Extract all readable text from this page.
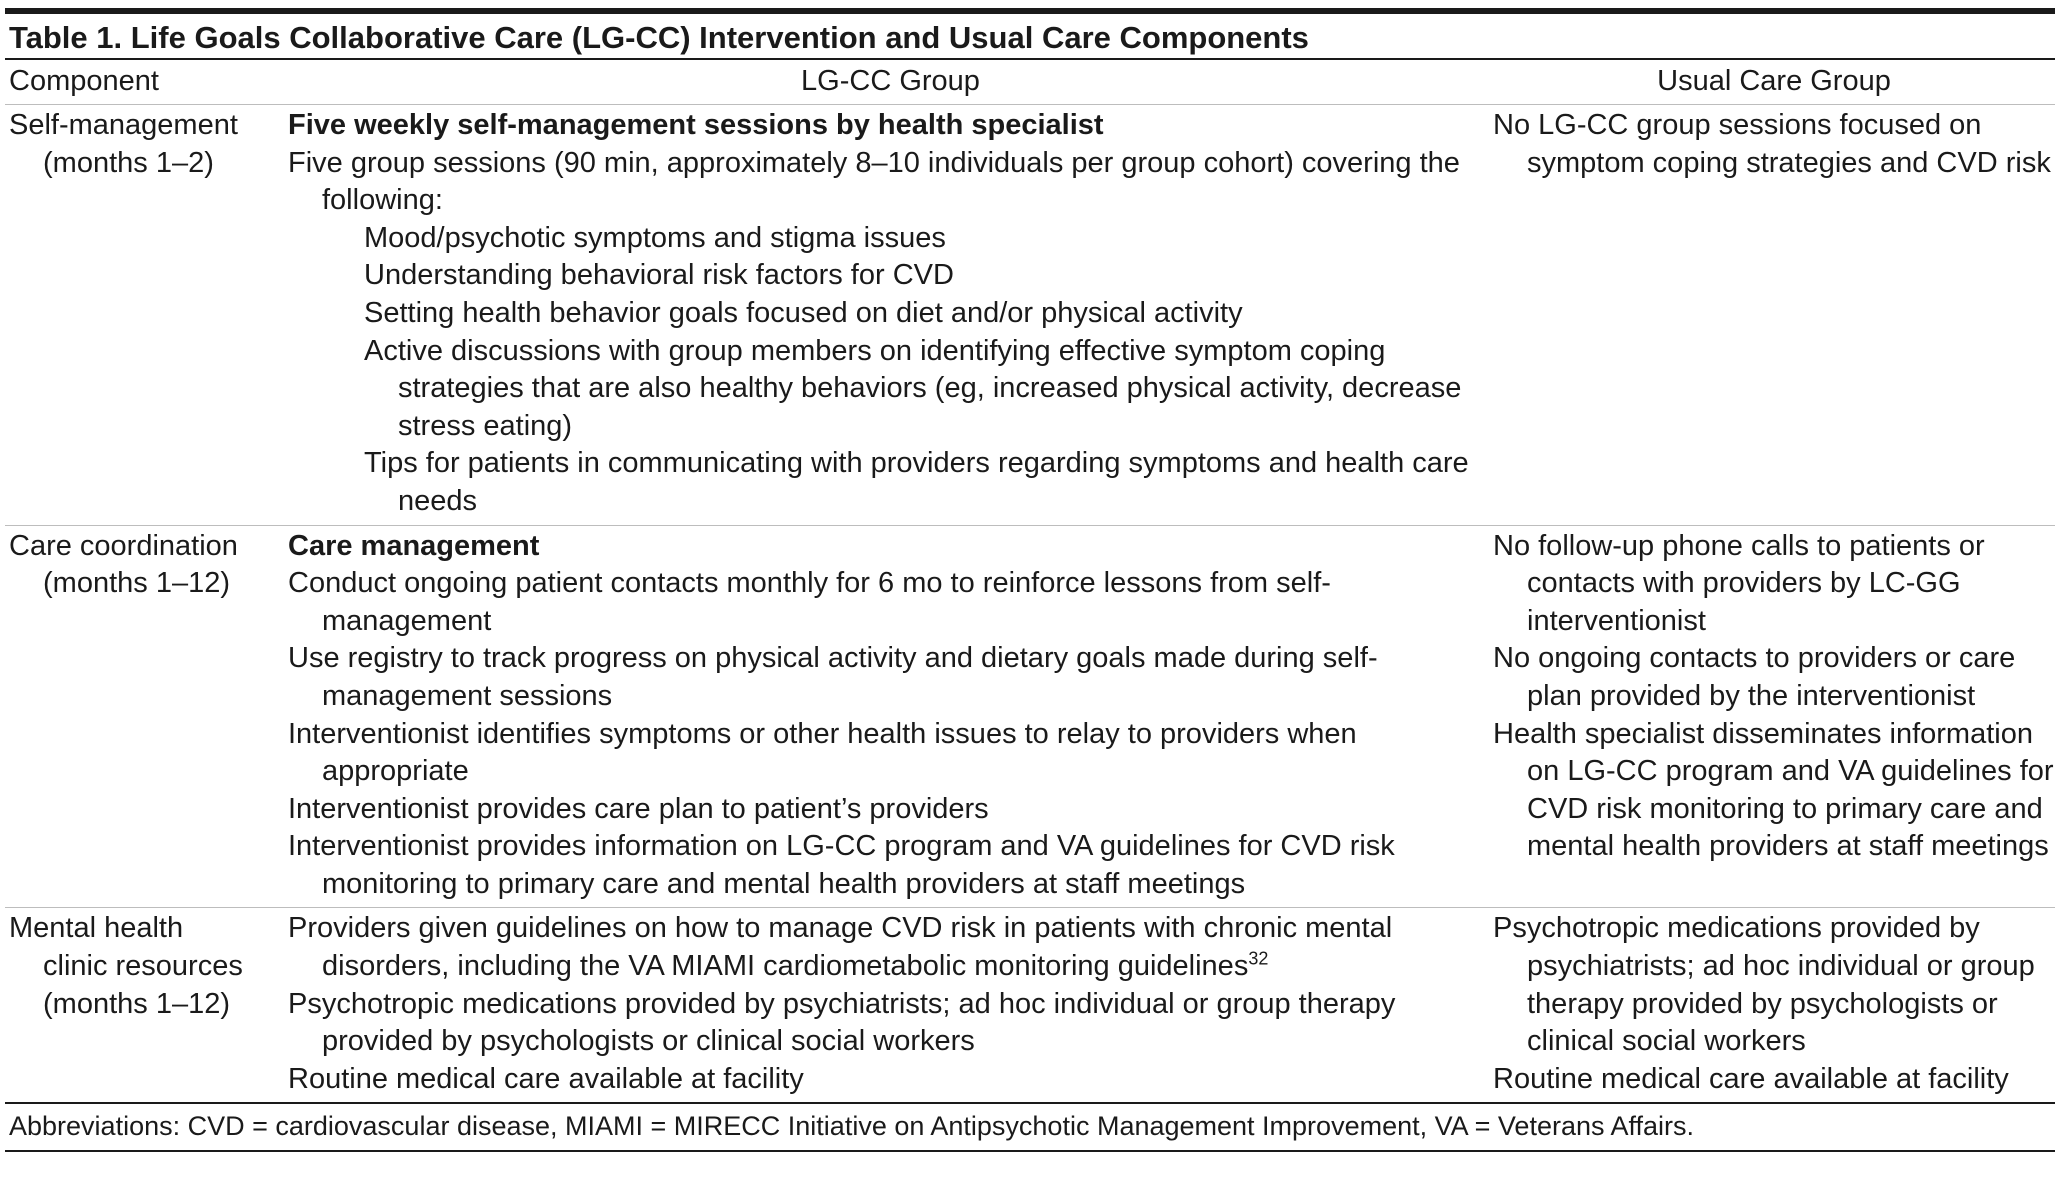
Table 1. Life Goals Collaborative Care (LG-CC) Intervention and Usual Care Components
Component	LG-CC Group	Usual Care Group
Self-management
(months 1–2)
Five weekly self-management sessions by health specialist
Five group sessions (90 min, approximately 8–10 individuals per group cohort) covering the following:
Mood/psychotic symptoms and stigma issues
Understanding behavioral risk factors for CVD
Setting health behavior goals focused on diet and/or physical activity
Active discussions with group members on identifying effective symptom coping strategies that are also healthy behaviors (eg, increased physical activity, decrease stress eating)
Tips for patients in communicating with providers regarding symptoms and health care needs
No LG-CC group sessions focused on symptom coping strategies and CVD risk
Care coordination
(months 1–12)
Care management
Conduct ongoing patient contacts monthly for 6 mo to reinforce lessons from self-management
Use registry to track progress on physical activity and dietary goals made during self-management sessions
Interventionist identifies symptoms or other health issues to relay to providers when appropriate
Interventionist provides care plan to patient’s providers
Interventionist provides information on LG-CC program and VA guidelines for CVD risk monitoring to primary care and mental health providers at staff meetings
No follow-up phone calls to patients or contacts with providers by LC-GG interventionist
No ongoing contacts to providers or care plan provided by the interventionist
Health specialist disseminates information on LG-CC program and VA guidelines for CVD risk monitoring to primary care and mental health providers at staff meetings
Mental health
clinic resources
(months 1–12)
Providers given guidelines on how to manage CVD risk in patients with chronic mental disorders, including the VA MIAMI cardiometabolic monitoring guidelines$^{32}$
Psychotropic medications provided by psychiatrists; ad hoc individual or group therapy provided by psychologists or clinical social workers
Routine medical care available at facility
Psychotropic medications provided by psychiatrists; ad hoc individual or group therapy provided by psychologists or clinical social workers
Routine medical care available at facility
Abbreviations: CVD = cardiovascular disease, MIAMI = MIRECC Initiative on Antipsychotic Management Improvement, VA = Veterans Affairs.
